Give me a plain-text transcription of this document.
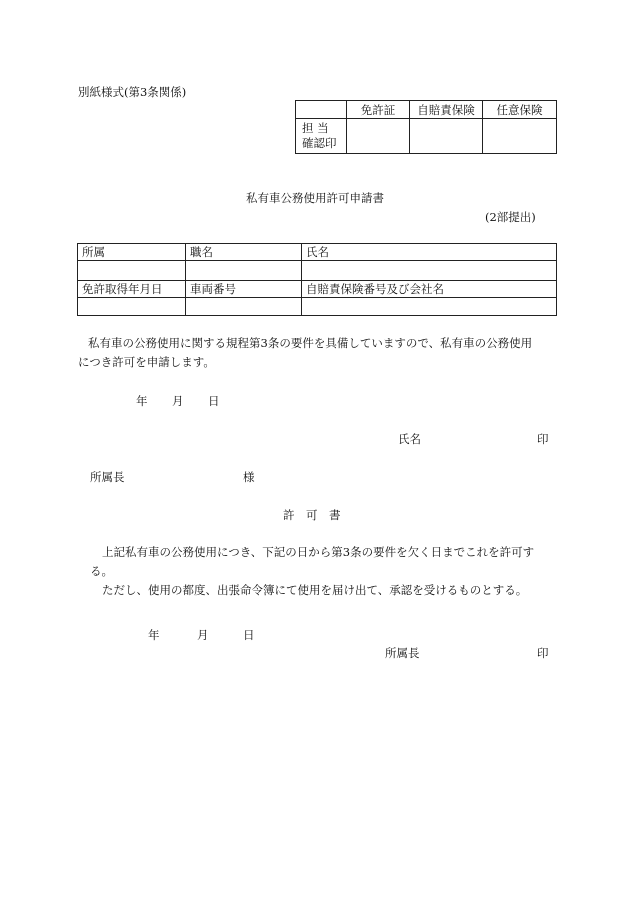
別紙様式(第3条関係)
	免許証	自賠責保険	任意保険

担 当
確認印			

私有車公務使用許可申請書
(2部提出)
所属	職名	氏名

免許取得年月日	車両番号	自賠責保険番号及び会社名

私有車の公務使用に関する規程第3条の要件を具備していますので、私有車の公務使用
につき許可を申請します。
年 月 日
氏名	印
所属長	様
許　可　書
上記私有車の公務使用につき、下記の日から第3条の要件を欠く日までこれを許可す
る。
ただし、使用の都度、出張命令簿にて使用を届け出て、承認を受けるものとする。
年	月	日
所属長	印
